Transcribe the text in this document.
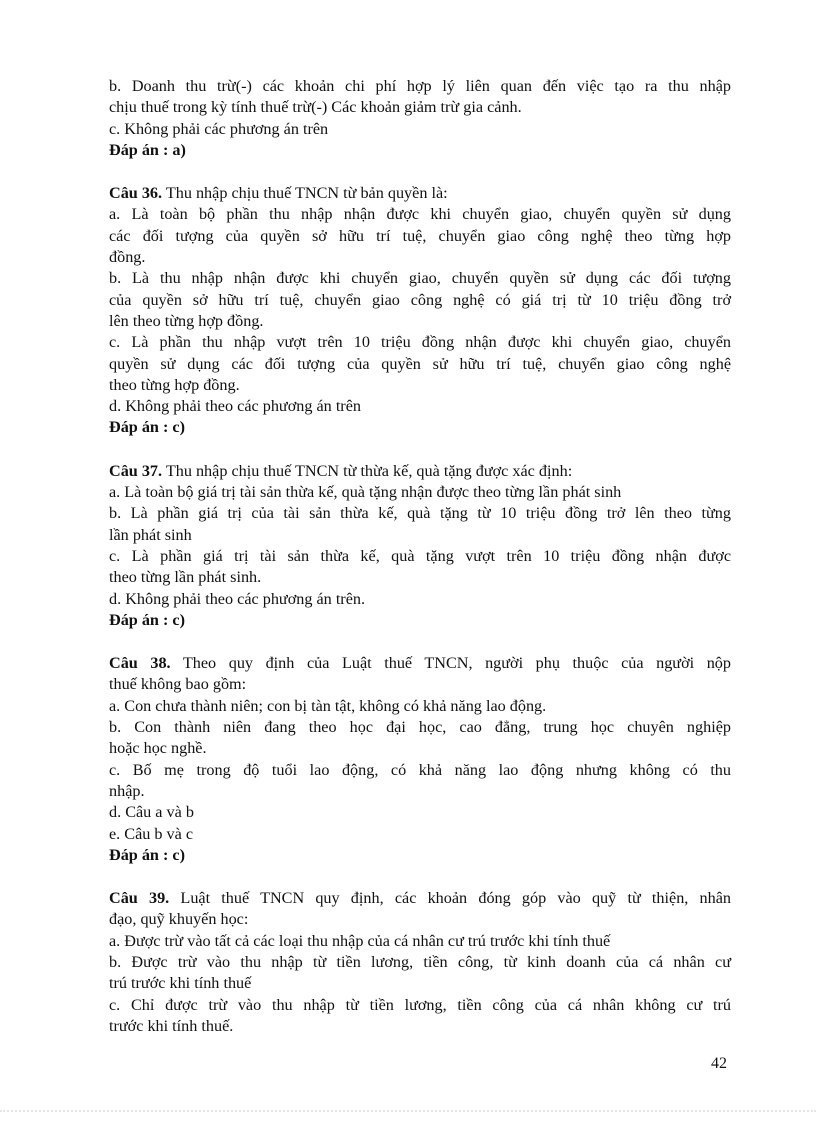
b. Doanh thu trừ(-) các khoản chi phí hợp lý liên quan đến việc tạo ra thu nhập
chịu thuế trong kỳ tính thuế trừ(-) Các khoản giảm trừ gia cảnh.
c. Không phải các phương án trên
Đáp án : a)
Câu 36. Thu nhập chịu thuế TNCN từ bản quyền là:
a. Là toàn bộ phần thu nhập nhận được khi chuyển giao, chuyển quyền sử dụng
các đối tượng của quyền sở hữu trí tuệ, chuyển giao công nghệ theo từng hợp
đồng.
b. Là thu nhập nhận được khi chuyển giao, chuyển quyền sử dụng các đối tượng
của quyền sở hữu trí tuệ, chuyển giao công nghệ có giá trị từ 10 triệu đồng trở
lên theo từng hợp đồng.
c. Là phần thu nhập vượt trên 10 triệu đồng nhận được khi chuyển giao, chuyển
quyền sử dụng các đối tượng của quyền sử hữu trí tuệ, chuyển giao công nghệ
theo từng hợp đồng.
d. Không phải theo các phương án trên
Đáp án : c)
Câu 37. Thu nhập chịu thuế TNCN từ thừa kế, quà tặng được xác định:
a. Là toàn bộ giá trị tài sản thừa kế, quà tặng nhận được theo từng lần phát sinh
b. Là phần giá trị của tài sản thừa kế, quà tặng từ 10 triệu đồng trở lên theo từng
lần phát sinh
c. Là phần giá trị tài sản thừa kế, quà tặng vượt trên 10 triệu đồng nhận được
theo từng lần phát sinh.
d. Không phải theo các phương án trên.
Đáp án : c)
Câu 38. Theo quy định của Luật thuế TNCN, người phụ thuộc của người nộp
thuế không bao gồm:
a. Con chưa thành niên; con bị tàn tật, không có khả năng lao động.
b. Con thành niên đang theo học đại học, cao đẳng, trung học chuyên nghiệp
hoặc học nghề.
c. Bố mẹ trong độ tuổi lao động, có khả năng lao động nhưng không có thu
nhập.
d. Câu a và b
e. Câu b và c
Đáp án : c)
Câu 39. Luật thuế TNCN quy định, các khoản đóng góp vào quỹ từ thiện, nhân
đạo, quỹ khuyến học:
a. Được trừ vào tất cả các loại thu nhập của cá nhân cư trú trước khi tính thuế
b. Được trừ vào thu nhập từ tiền lương, tiền công, từ kinh doanh của cá nhân cư
trú trước khi tính thuế
c. Chỉ được trừ vào thu nhập từ tiền lương, tiền công của cá nhân không cư trú
trước khi tính thuế.
42
